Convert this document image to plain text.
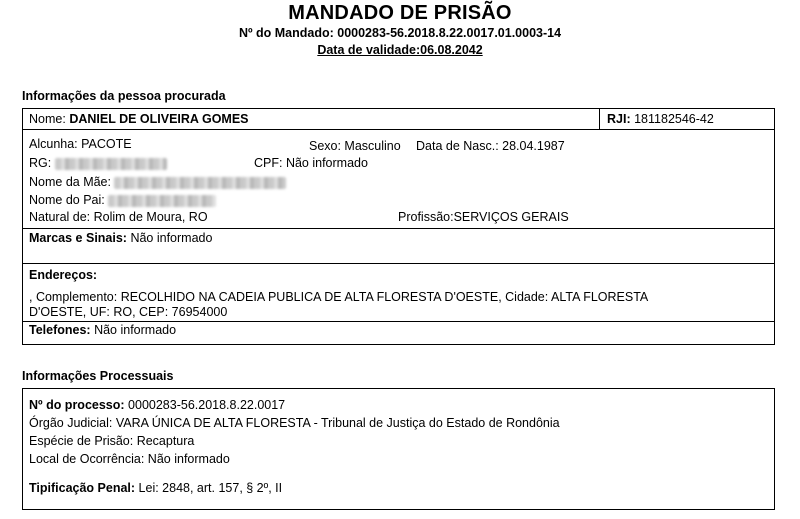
MANDADO DE PRISÃO
Nº do Mandado: 0000283-56.2018.8.22.0017.01.0003-14
Data de validade:06.08.2042
Informações da pessoa procurada
Nome: DANIEL DE OLIVEIRA GOMES	RJI: 181182546-42
Alcunha: PACOTE	Sexo: Masculino Data de Nasc.: 28.04.1987
RG:	CPF: Não informado
Nome da Mãe:
Nome do Pai:
Natural de: Rolim de Moura, RO	Profissão:SERVIÇOS GERAIS
Marcas e Sinais: Não informado
Endereços:
, Complemento: RECOLHIDO NA CADEIA PUBLICA DE ALTA FLORESTA D'OESTE, Cidade: ALTA FLORESTA
D'OESTE, UF: RO, CEP: 76954000
Telefones: Não informado
Informações Processuais
Nº do processo: 0000283-56.2018.8.22.0017
Órgão Judicial: VARA ÚNICA DE ALTA FLORESTA - Tribunal de Justiça do Estado de Rondônia
Espécie de Prisão: Recaptura
Local de Ocorrência: Não informado
Tipificação Penal: Lei: 2848, art. 157, § 2º, II
